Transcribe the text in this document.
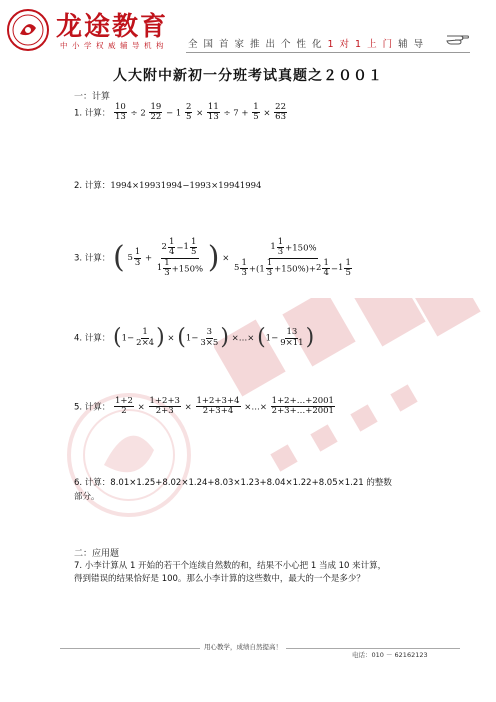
龙途教育
中小学权威辅导机构 全国首家推出个性化1对1上门辅导
人大附中新初一分班考试真题之２００１
一：计算
1. 计算： $\frac{10}{13} \div 2 \frac{19}{22} - 1 \frac{2}{5} \times \frac{11}{13} \div 7 + \frac{1}{5} \times \frac{22}{63}$
2. 计算：1994×19931994−1993×19941994
3. 计算： ( $5 \frac{1}{3} + \frac{2 \frac{1}{4} - 1 \frac{1}{5}}{1 \frac{1}{3} +150\%}$ ) × $\frac{1 \frac{1}{3} +150\%}{5 \frac{1}{3} +(1 \frac{1}{3} +150\%)+ 2 \frac{1}{4} - 1 \frac{1}{5}}$
4. 计算： ($1- \frac{1}{2\times 4}$ ) × ($1- \frac{3}{3\times 5}$ ) ×…× ($1- \frac{13}{9\times 11}$ )
5. 计算： $\frac{1+2}{2} \times \frac{1+2+3}{2+3} \times \frac{1+2+3+4}{2+3+4}$ ×…× $\frac{1+2+\dots+2001}{2+3+\dots+2001}$
6. 计算：8.01×1.25+8.02×1.24+8.03×1.23+8.04×1.22+8.05×1.21 的整数
部分。
二：应用题
7. 小李计算从 1 开始的若干个连续自然数的和，结果不小心把 1 当成 10 来计算，
得到错误的结果恰好是 100。那么小李计算的这些数中，最大的一个是多少？
用心教学，成绩自然提高！
电话：010 － 62162123
